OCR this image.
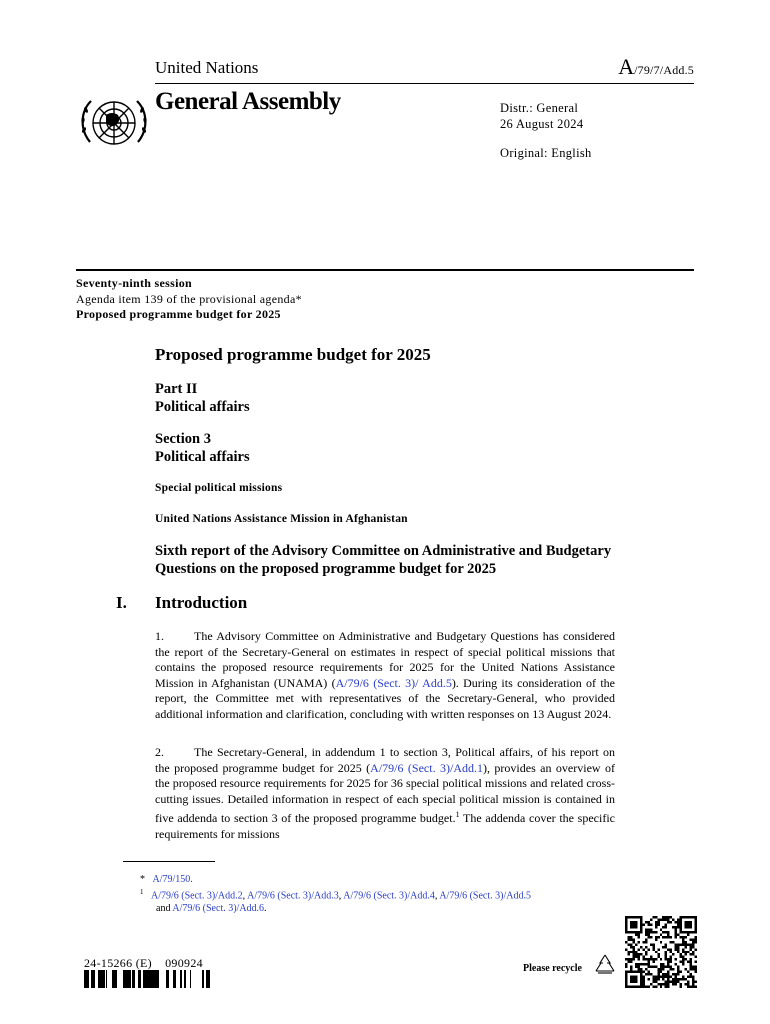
United Nations	A/79/7/Add.5
General Assembly	Distr.: General
26 August 2024
Original: English
Seventy-ninth session
Agenda item 139 of the provisional agenda*
Proposed programme budget for 2025
Proposed programme budget for 2025
Part II
Political affairs
Section 3
Political affairs
Special political missions
United Nations Assistance Mission in Afghanistan
Sixth report of the Advisory Committee on Administrative and Budgetary Questions on the proposed programme budget for 2025
I. Introduction
1.	The Advisory Committee on Administrative and Budgetary Questions has considered the report of the Secretary-General on estimates in respect of special political missions that contains the proposed resource requirements for 2025 for the United Nations Assistance Mission in Afghanistan (UNAMA) (A/79/6 (Sect. 3)/ Add.5). During its consideration of the report, the Committee met with representatives of the Secretary-General, who provided additional information and clarification, concluding with written responses on 13 August 2024.
2.	The Secretary-General, in addendum 1 to section 3, Political affairs, of his report on the proposed programme budget for 2025 (A/79/6 (Sect. 3)/Add.1), provides an overview of the proposed resource requirements for 2025 for 36 special political missions and related cross-cutting issues. Detailed information in respect of each special political mission is contained in five addenda to section 3 of the proposed programme budget.$^1$ The addenda cover the specific requirements for missions
* A/79/150.
$^1$ A/79/6 (Sect. 3)/Add.2, A/79/6 (Sect. 3)/Add.3, A/79/6 (Sect. 3)/Add.4, A/79/6 (Sect. 3)/Add.5
and A/79/6 (Sect. 3)/Add.6.
24-15266 (E)    090924	Please recycle
